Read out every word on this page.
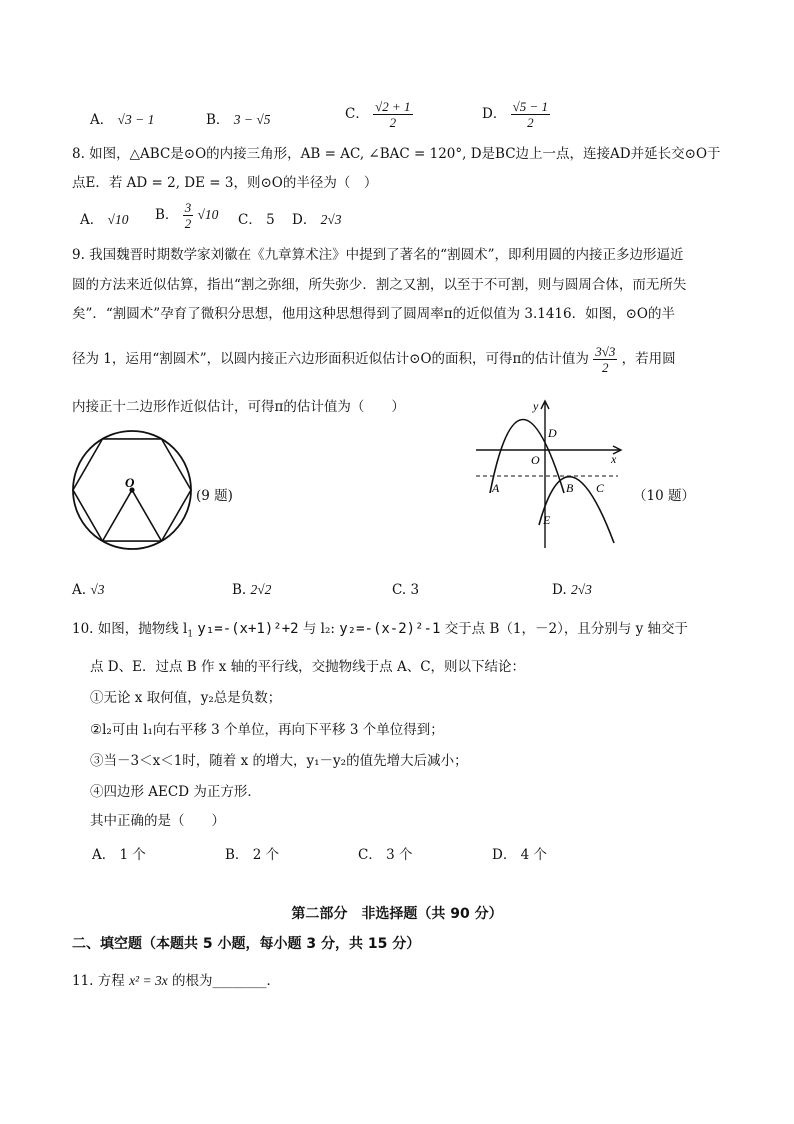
A． √3 − 1	B． 3 − √5	C． $\frac{√2 + 1}{2}$	D． $\frac{√5 - 1}{2}$
8. 如图，△ABC是⊙O的内接三角形，AB = AC, ∠BAC = 120°, D是BC边上一点，连接AD并延长交⊙O于
点E．若 AD = 2, DE = 3，则⊙O的半径为（　）
A． √10 B． $\frac{3}{2} √10$ C． 5 D． 2√3
9. 我国魏晋时期数学家刘徽在《九章算术注》中提到了著名的“割圆术”，即利用圆的内接正多边形逼近
圆的方法来近似估算，指出“割之弥细，所失弥少．割之又割，以至于不可割，则与圆周合体，而无所失
矣”．“割圆术”孕育了微积分思想，他用这种思想得到了圆周率π的近似值为 3.1416．如图，⊙O的半
径为 1，运用“割圆术”，以圆内接正六边形面积近似估计⊙O的面积，可得π的估计值为 $\frac{3√3}{2}$ ，若用圆
内接正十二边形作近似估计，可得π的估计值为（　　）
O
(9 题)
y
x
O
D
A	B C
E
（10 题）
A. √3	B. 2√2	C. 3	D. 2√3
10. 如图，抛物线 $l_1$ y₁=-(x+1)²+2 与 l₂: y₂=-(x-2)²-1 交于点 B（1，－2），且分别与 y 轴交于
点 D、E．过点 B 作 x 轴的平行线，交抛物线于点 A、C，则以下结论：
①无论 x 取何值，y₂总是负数；
②l₂可由 l₁向右平移 3 个单位，再向下平移 3 个单位得到；
③当－3＜x＜1时，随着 x 的增大，y₁－y₂的值先增大后减小；
④四边形 AECD 为正方形．
其中正确的是（　　）
A． 1 个	B． 2 个	C． 3 个	D． 4 个
第二部分　非选择题（共 90 分）
二、填空题（本题共 5 小题，每小题 3 分，共 15 分）
11. 方程 x² = 3x 的根为________．
